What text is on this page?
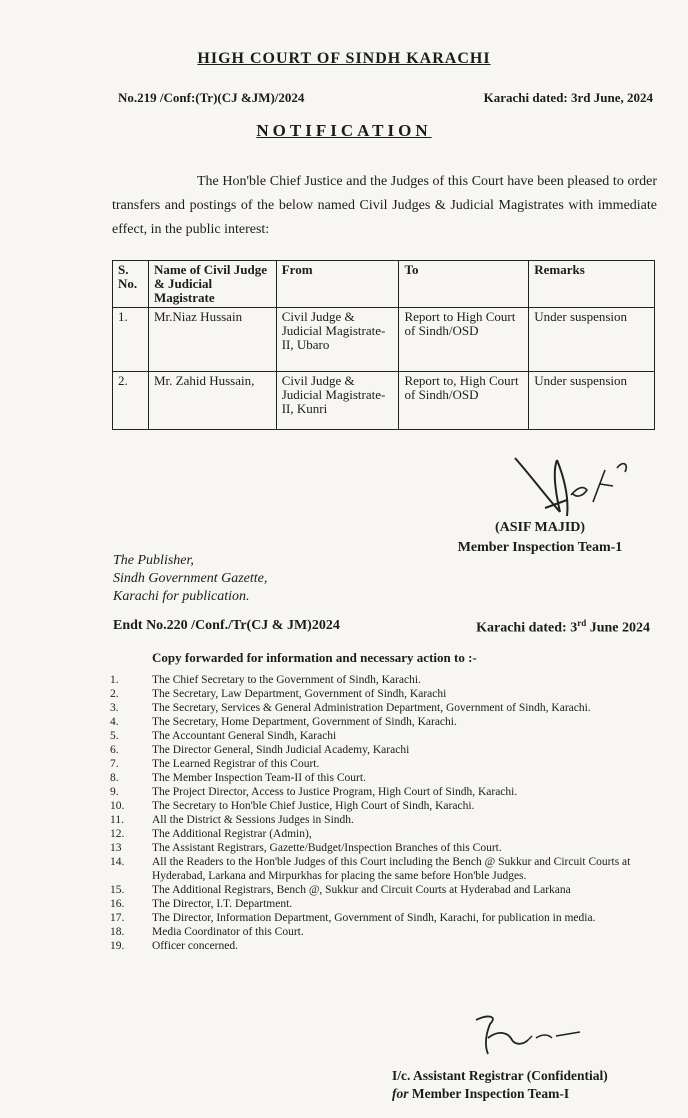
HIGH COURT OF SINDH KARACHI
No.219 /Conf:(Tr)(CJ &JM)/2024	Karachi dated: 3rd June, 2024
NOTIFICATION

The Hon'ble Chief Justice and the Judges of this Court have been pleased to order transfers and postings of the below named Civil Judges & Judicial Magistrates with immediate effect, in the public interest:

S. No.	Name of Civil Judge & Judicial Magistrate	From	To	Remarks
1.	Mr.Niaz Hussain	Civil Judge & Judicial Magistrate-II, Ubaro	Report to High Court of Sindh/OSD	Under suspension
2.	Mr. Zahid Hussain,	Civil Judge & Judicial Magistrate-II, Kunri	Report to, High Court of Sindh/OSD	Under suspension
(ASIF MAJID)
Member Inspection Team-1
The Publisher,
Sindh Government Gazette,
Karachi for publication.
Endt No.220 /Conf./Tr(CJ & JM)2024	Karachi dated: 3rd June 2024
Copy forwarded for information and necessary action to :-
1.	The Chief Secretary to the Government of Sindh, Karachi.
2.	The Secretary, Law Department, Government of Sindh, Karachi
3.	The Secretary, Services & General Administration Department, Government of Sindh, Karachi.
4.	The Secretary, Home Department, Government of Sindh, Karachi.
5.	The Accountant General Sindh, Karachi
6.	The Director General, Sindh Judicial Academy, Karachi
7.	The Learned Registrar of this Court.
8.	The Member Inspection Team-II of this Court.
9.	The Project Director, Access to Justice Program, High Court of Sindh, Karachi.
10.	The Secretary to Hon'ble Chief Justice, High Court of Sindh, Karachi.
11.	All the District & Sessions Judges in Sindh.
12.	The Additional Registrar (Admin),
13	The Assistant Registrars, Gazette/Budget/Inspection Branches of this Court.
14.	All the Readers to the Hon'ble Judges of this Court including the Bench @ Sukkur and Circuit Courts at Hyderabad, Larkana and Mirpurkhas for placing the same before Hon'ble Judges.
15.	The Additional Registrars, Bench @, Sukkur and Circuit Courts at Hyderabad and Larkana
16.	The Director, I.T. Department.
17.	The Director, Information Department, Government of Sindh, Karachi, for publication in media.
18.	Media Coordinator of this Court.
19.	Officer concerned.
I/c. Assistant Registrar (Confidential)
for Member Inspection Team-I
